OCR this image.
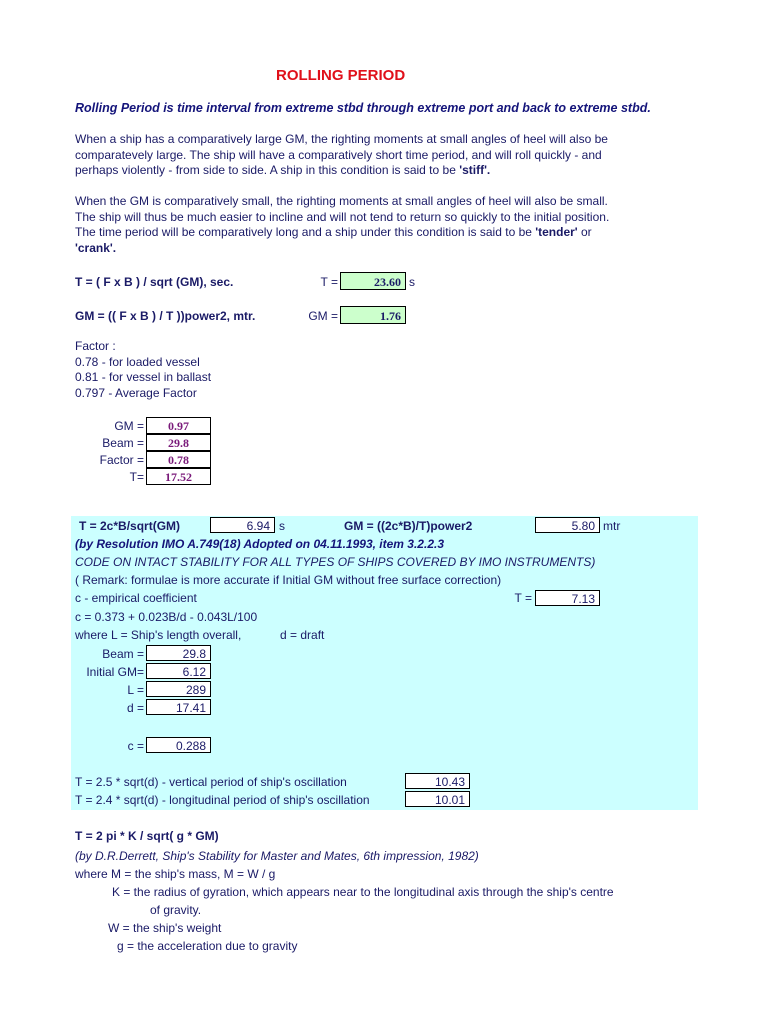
ROLLING PERIOD
Rolling Period is time interval from extreme stbd through extreme port and back to extreme stbd.
When a ship has a comparatively large GM, the righting moments at small angles of heel will also be
comparatevely large. The ship will have a comparatively short time period, and will roll quickly - and
perhaps violently - from side to side. A ship in this condition is said to be 'stiff'.
When the GM is comparatively small, the righting moments at small angles of heel will also be small.
The ship will thus be much easier to incline and will not tend to return so quickly to the initial position.
The time period will be comparatively long and a ship under this condition is said to be 'tender' or
'crank'.
T = ( F x B ) / sqrt (GM), sec.	T =	23.60 s
GM = (( F x B ) / T ))power2, mtr.	GM =	1.76
Factor :
0.78 - for loaded vessel
0.81 - for vessel in ballast
0.797 - Average Factor
GM =	0.97
Beam =	29.8
Factor =	0.78
T=	17.52
T = 2c*B/sqrt(GM)	6.94 s	GM = ((2c*B)/T)power2	5.80 mtr
(by Resolution IMO A.749(18) Adopted on 04.11.1993, item 3.2.2.3
CODE ON INTACT STABILITY FOR ALL TYPES OF SHIPS COVERED BY IMO INSTRUMENTS)
( Remark: formulae is more accurate if Initial GM without free surface correction)
c - empirical coefficient	T =	7.13
c = 0.373 + 0.023B/d - 0.043L/100
where L = Ship's length overall,	d = draft
Beam =	29.8
Initial GM=	6.12
L =	289
d =	17.41
c =	0.288
T = 2.5 * sqrt(d) - vertical period of ship's oscillation	10.43
T = 2.4 * sqrt(d) - longitudinal period of ship's oscillation	10.01
T = 2 pi * K / sqrt( g * GM)
(by D.R.Derrett, Ship's Stability for Master and Mates, 6th impression, 1982)
where M = the ship's mass, M = W / g
K = the radius of gyration, which appears near to the longitudinal axis through the ship's centre
of gravity.
W = the ship's weight
g = the acceleration due to gravity
